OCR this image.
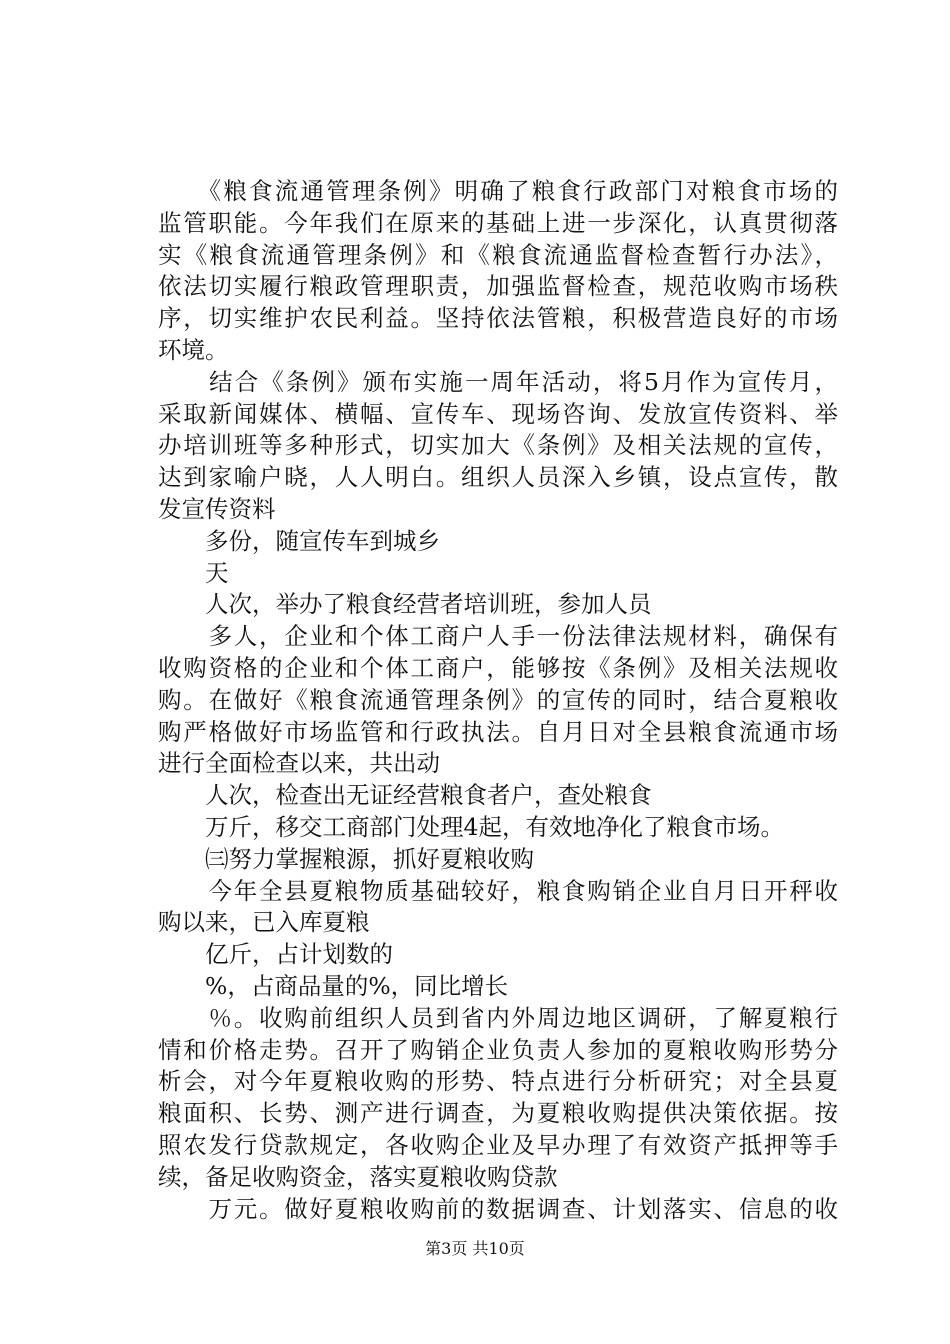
　　《粮食流通管理条例》明确了粮食行政部门对粮食市场的
监管职能。今年我们在原来的基础上进一步深化，认真贯彻落
实《粮食流通管理条例》和《粮食流通监督检查暂行办法》，
依法切实履行粮政管理职责，加强监督检查，规范收购市场秩
序，切实维护农民利益。坚持依法管粮，积极营造良好的市场
环境。
　　结合《条例》颁布实施一周年活动，将5月作为宣传月，
采取新闻媒体、横幅、宣传车、现场咨询、发放宣传资料、举
办培训班等多种形式，切实加大《条例》及相关法规的宣传，
达到家喻户晓，人人明白。组织人员深入乡镇，设点宣传，散
发宣传资料
　　多份，随宣传车到城乡
　　天
　　人次，举办了粮食经营者培训班，参加人员
　　多人，企业和个体工商户人手一份法律法规材料，确保有
收购资格的企业和个体工商户，能够按《条例》及相关法规收
购。在做好《粮食流通管理条例》的宣传的同时，结合夏粮收
购严格做好市场监管和行政执法。自月日对全县粮食流通市场
进行全面检查以来，共出动
　　人次，检查出无证经营粮食者户，查处粮食
　　万斤，移交工商部门处理4起，有效地净化了粮食市场。
　　㈢努力掌握粮源，抓好夏粮收购
　　今年全县夏粮物质基础较好，粮食购销企业自月日开秤收
购以来，已入库夏粮
　　亿斤，占计划数的
　　%，占商品量的%，同比增长
　　％。收购前组织人员到省内外周边地区调研，了解夏粮行
情和价格走势。召开了购销企业负责人参加的夏粮收购形势分
析会，对今年夏粮收购的形势、特点进行分析研究；对全县夏
粮面积、长势、测产进行调查，为夏粮收购提供决策依据。按
照农发行贷款规定，各收购企业及早办理了有效资产抵押等手
续，备足收购资金，落实夏粮收购贷款
　　万元。做好夏粮收购前的数据调查、计划落实、信息的收
第3页 共10页
